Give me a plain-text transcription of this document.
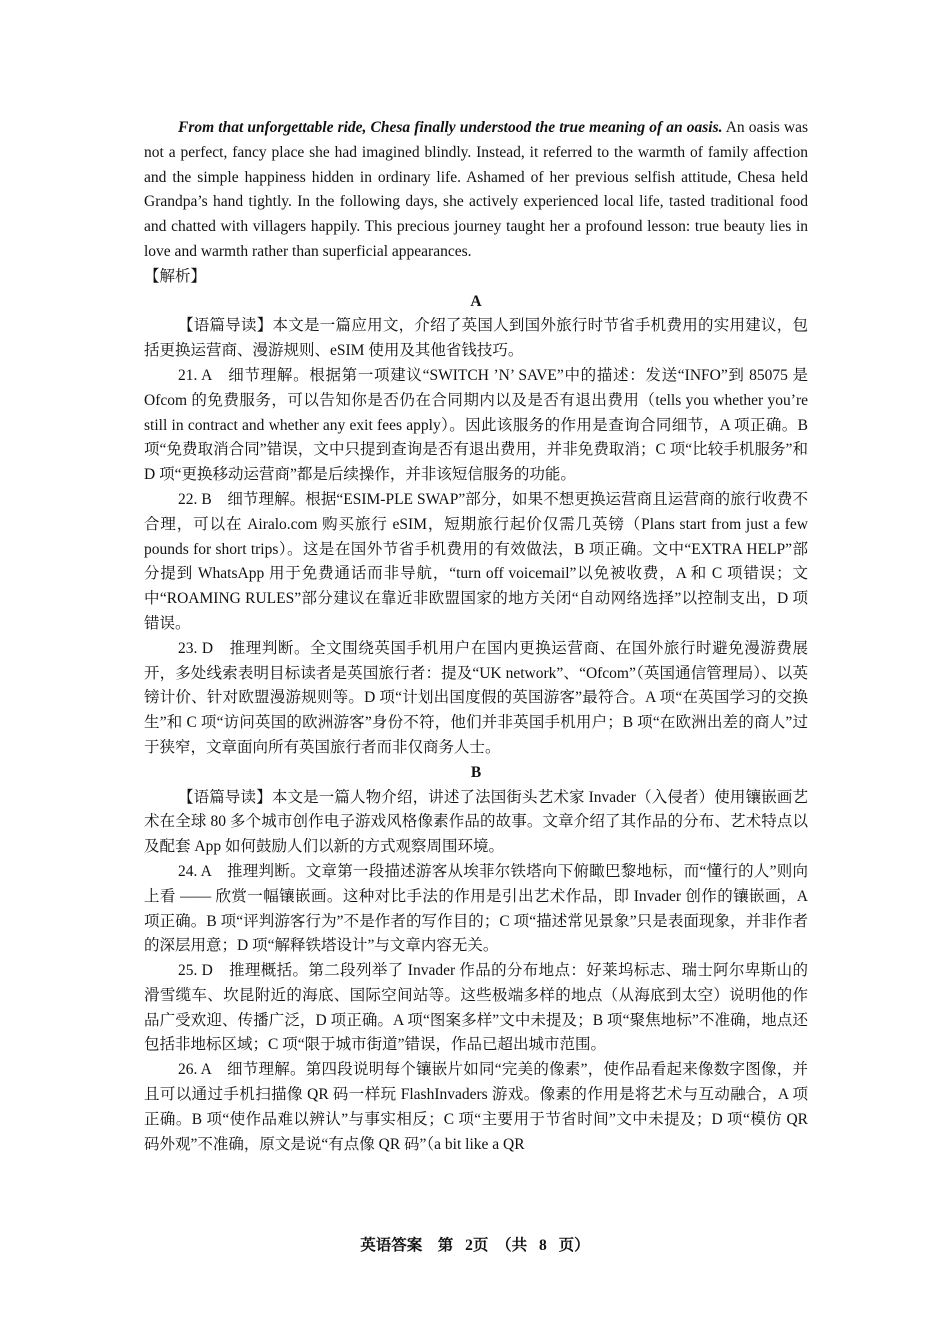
From that unforgettable ride, Chesa finally understood the true meaning of an oasis. An oasis was not a perfect, fancy place she had imagined blindly. Instead, it referred to the warmth of family affection and the simple happiness hidden in ordinary life. Ashamed of her previous selfish attitude, Chesa held Grandpa’s hand tightly. In the following days, she actively experienced local life, tasted traditional food and chatted with villagers happily. This precious journey taught her a profound lesson: true beauty lies in love and warmth rather than superficial appearances.

【解析】

A

【语篇导读】本文是一篇应用文，介绍了英国人到国外旅行时节省手机费用的实用建议，包括更换运营商、漫游规则、eSIM 使用及其他省钱技巧。

21. A　细节理解。根据第一项建议“SWITCH ’N’ SAVE”中的描述：发送“INFO”到 85075 是 Ofcom 的免费服务，可以告知你是否仍在合同期内以及是否有退出费用（tells you whether you’re still in contract and whether any exit fees apply）。因此该服务的作用是查询合同细节，A 项正确。B 项“免费取消合同”错误，文中只提到查询是否有退出费用，并非免费取消；C 项“比较手机服务”和 D 项“更换移动运营商”都是后续操作，并非该短信服务的功能。

22. B　细节理解。根据“ESIM-PLE SWAP”部分，如果不想更换运营商且运营商的旅行收费不合理，可以在 Airalo.com 购买旅行 eSIM，短期旅行起价仅需几英镑（Plans start from just a few pounds for short trips）。这是在国外节省手机费用的有效做法，B 项正确。文中“EXTRA HELP”部分提到 WhatsApp 用于免费通话而非导航，“turn off voicemail”以免被收费，A 和 C 项错误；文中“ROAMING RULES”部分建议在靠近非欧盟国家的地方关闭“自动网络选择”以控制支出，D 项错误。

23. D　推理判断。全文围绕英国手机用户在国内更换运营商、在国外旅行时避免漫游费展开，多处线索表明目标读者是英国旅行者：提及“UK network”、“Ofcom”（英国通信管理局）、以英镑计价、针对欧盟漫游规则等。D 项“计划出国度假的英国游客”最符合。A 项“在英国学习的交换生”和 C 项“访问英国的欧洲游客”身份不符，他们并非英国手机用户；B 项“在欧洲出差的商人”过于狭窄，文章面向所有英国旅行者而非仅商务人士。

B

【语篇导读】本文是一篇人物介绍，讲述了法国街头艺术家 Invader（入侵者）使用镶嵌画艺术在全球 80 多个城市创作电子游戏风格像素作品的故事。文章介绍了其作品的分布、艺术特点以及配套 App 如何鼓励人们以新的方式观察周围环境。

24. A　推理判断。文章第一段描述游客从埃菲尔铁塔向下俯瞰巴黎地标，而“懂行的人”则向上看 —— 欣赏一幅镶嵌画。这种对比手法的作用是引出艺术作品，即 Invader 创作的镶嵌画，A 项正确。B 项“评判游客行为”不是作者的写作目的；C 项“描述常见景象”只是表面现象，并非作者的深层用意；D 项“解释铁塔设计”与文章内容无关。

25. D　推理概括。第二段列举了 Invader 作品的分布地点：好莱坞标志、瑞士阿尔卑斯山的滑雪缆车、坎昆附近的海底、国际空间站等。这些极端多样的地点（从海底到太空）说明他的作品广受欢迎、传播广泛，D 项正确。A 项“图案多样”文中未提及；B 项“聚焦地标”不准确，地点还包括非地标区域；C 项“限于城市街道”错误，作品已超出城市范围。

26. A　细节理解。第四段说明每个镶嵌片如同“完美的像素”，使作品看起来像数字图像，并且可以通过手机扫描像 QR 码一样玩 FlashInvaders 游戏。像素的作用是将艺术与互动融合，A 项正确。B 项“使作品难以辨认”与事实相反；C 项“主要用于节省时间”文中未提及；D 项“模仿 QR 码外观”不准确，原文是说“有点像 QR 码”（a bit like a QR

英语答案　第 2页　（共 8 页）
